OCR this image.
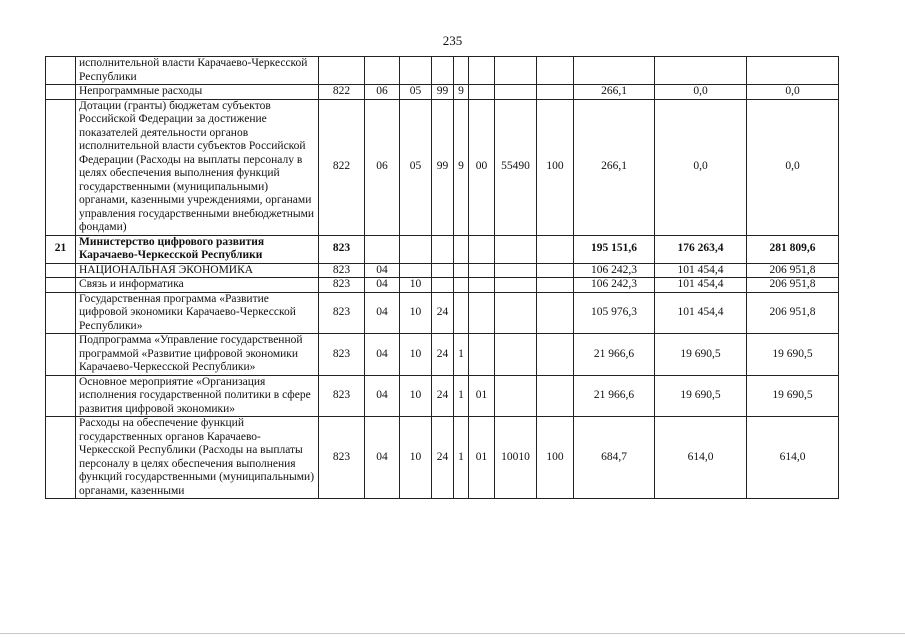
235
	исполнительной власти Карачаево-Черкесской Республики											
	Непрограммные расходы	822	06	05	99	9				266,1	0,0	0,0
	Дотации (гранты) бюджетам субъектов Российской Федерации за достижение показателей деятельности органов исполнительной власти субъектов Российской Федерации (Расходы на выплаты персоналу в целях обеспечения выполнения функций государственными (муниципальными) органами, казенными учреждениями, органами управления государственными внебюджетными фондами)	822	06	05	99	9	00	55490	100	266,1	0,0	0,0
21	Министерство цифрового развития Карачаево-Черкесской Республики	823								195 151,6	176 263,4	281 809,6
	НАЦИОНАЛЬНАЯ ЭКОНОМИКА	823	04							106 242,3	101 454,4	206 951,8
	Связь и информатика	823	04	10						106 242,3	101 454,4	206 951,8
	Государственная программа «Развитие цифровой экономики Карачаево-Черкесской Республики»	823	04	10	24					105 976,3	101 454,4	206 951,8
	Подпрограмма «Управление государственной программой «Развитие цифровой экономики Карачаево-Черкесской Республики»	823	04	10	24	1				21 966,6	19 690,5	19 690,5
	Основное мероприятие «Организация исполнения государственной политики в сфере развития цифровой экономики»	823	04	10	24	1	01			21 966,6	19 690,5	19 690,5
	Расходы на обеспечение функций государственных органов Карачаево-Черкесской Республики (Расходы на выплаты персоналу в целях обеспечения выполнения функций государственными (муниципальными) органами, казенными	823	04	10	24	1	01	10010	100	684,7	614,0	614,0
